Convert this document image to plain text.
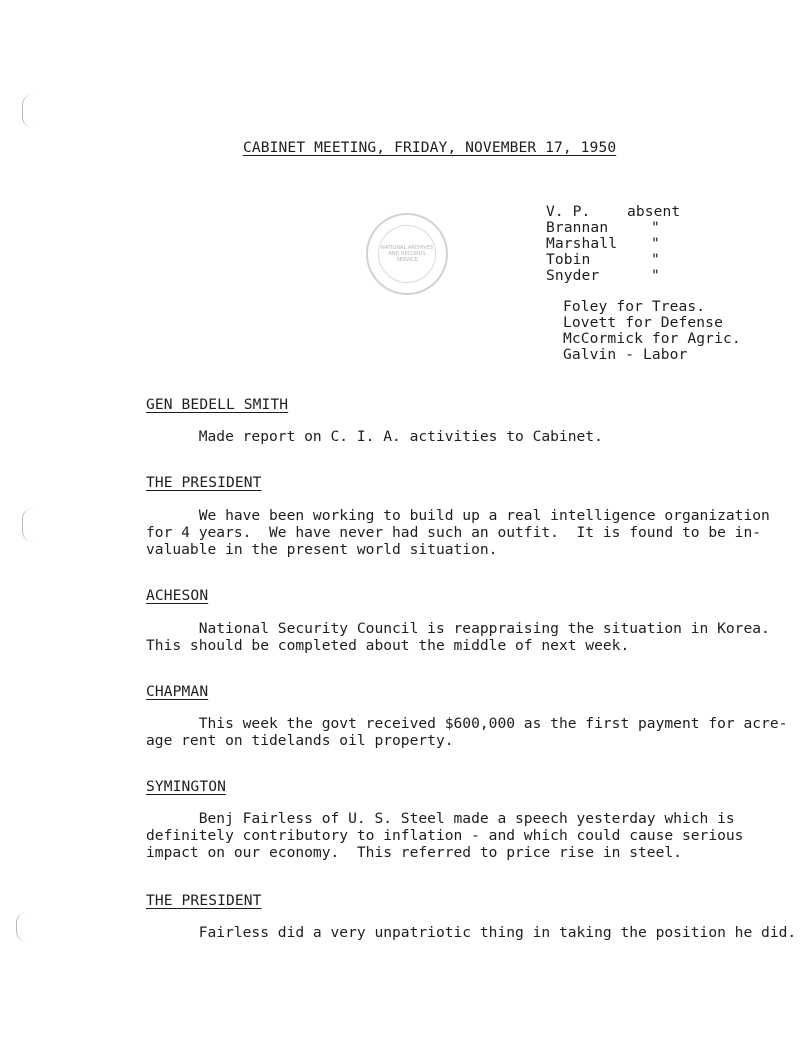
CABINET MEETING, FRIDAY, NOVEMBER 17, 1950
NATIONAL ARCHIVES AND RECORDS SERVICE
V. P.	absent
Brannan	"
Marshall "
Tobin	"
Snyder	"
Foley for Treas.
Lovett for Defense
McCormick for Agric.
Galvin - Labor
GEN BEDELL SMITH
Made report on C. I. A. activities to Cabinet.
THE PRESIDENT
We have been working to build up a real intelligence organization
for 4 years.  We have never had such an outfit.  It is found to be in-
valuable in the present world situation.
ACHESON
National Security Council is reappraising the situation in Korea.
This should be completed about the middle of next week.
CHAPMAN
This week the govt received $600,000 as the first payment for acre-
age rent on tidelands oil property.
SYMINGTON
Benj Fairless of U. S. Steel made a speech yesterday which is
definitely contributory to inflation - and which could cause serious
impact on our economy.  This referred to price rise in steel.
THE PRESIDENT
Fairless did a very unpatriotic thing in taking the position he did.
